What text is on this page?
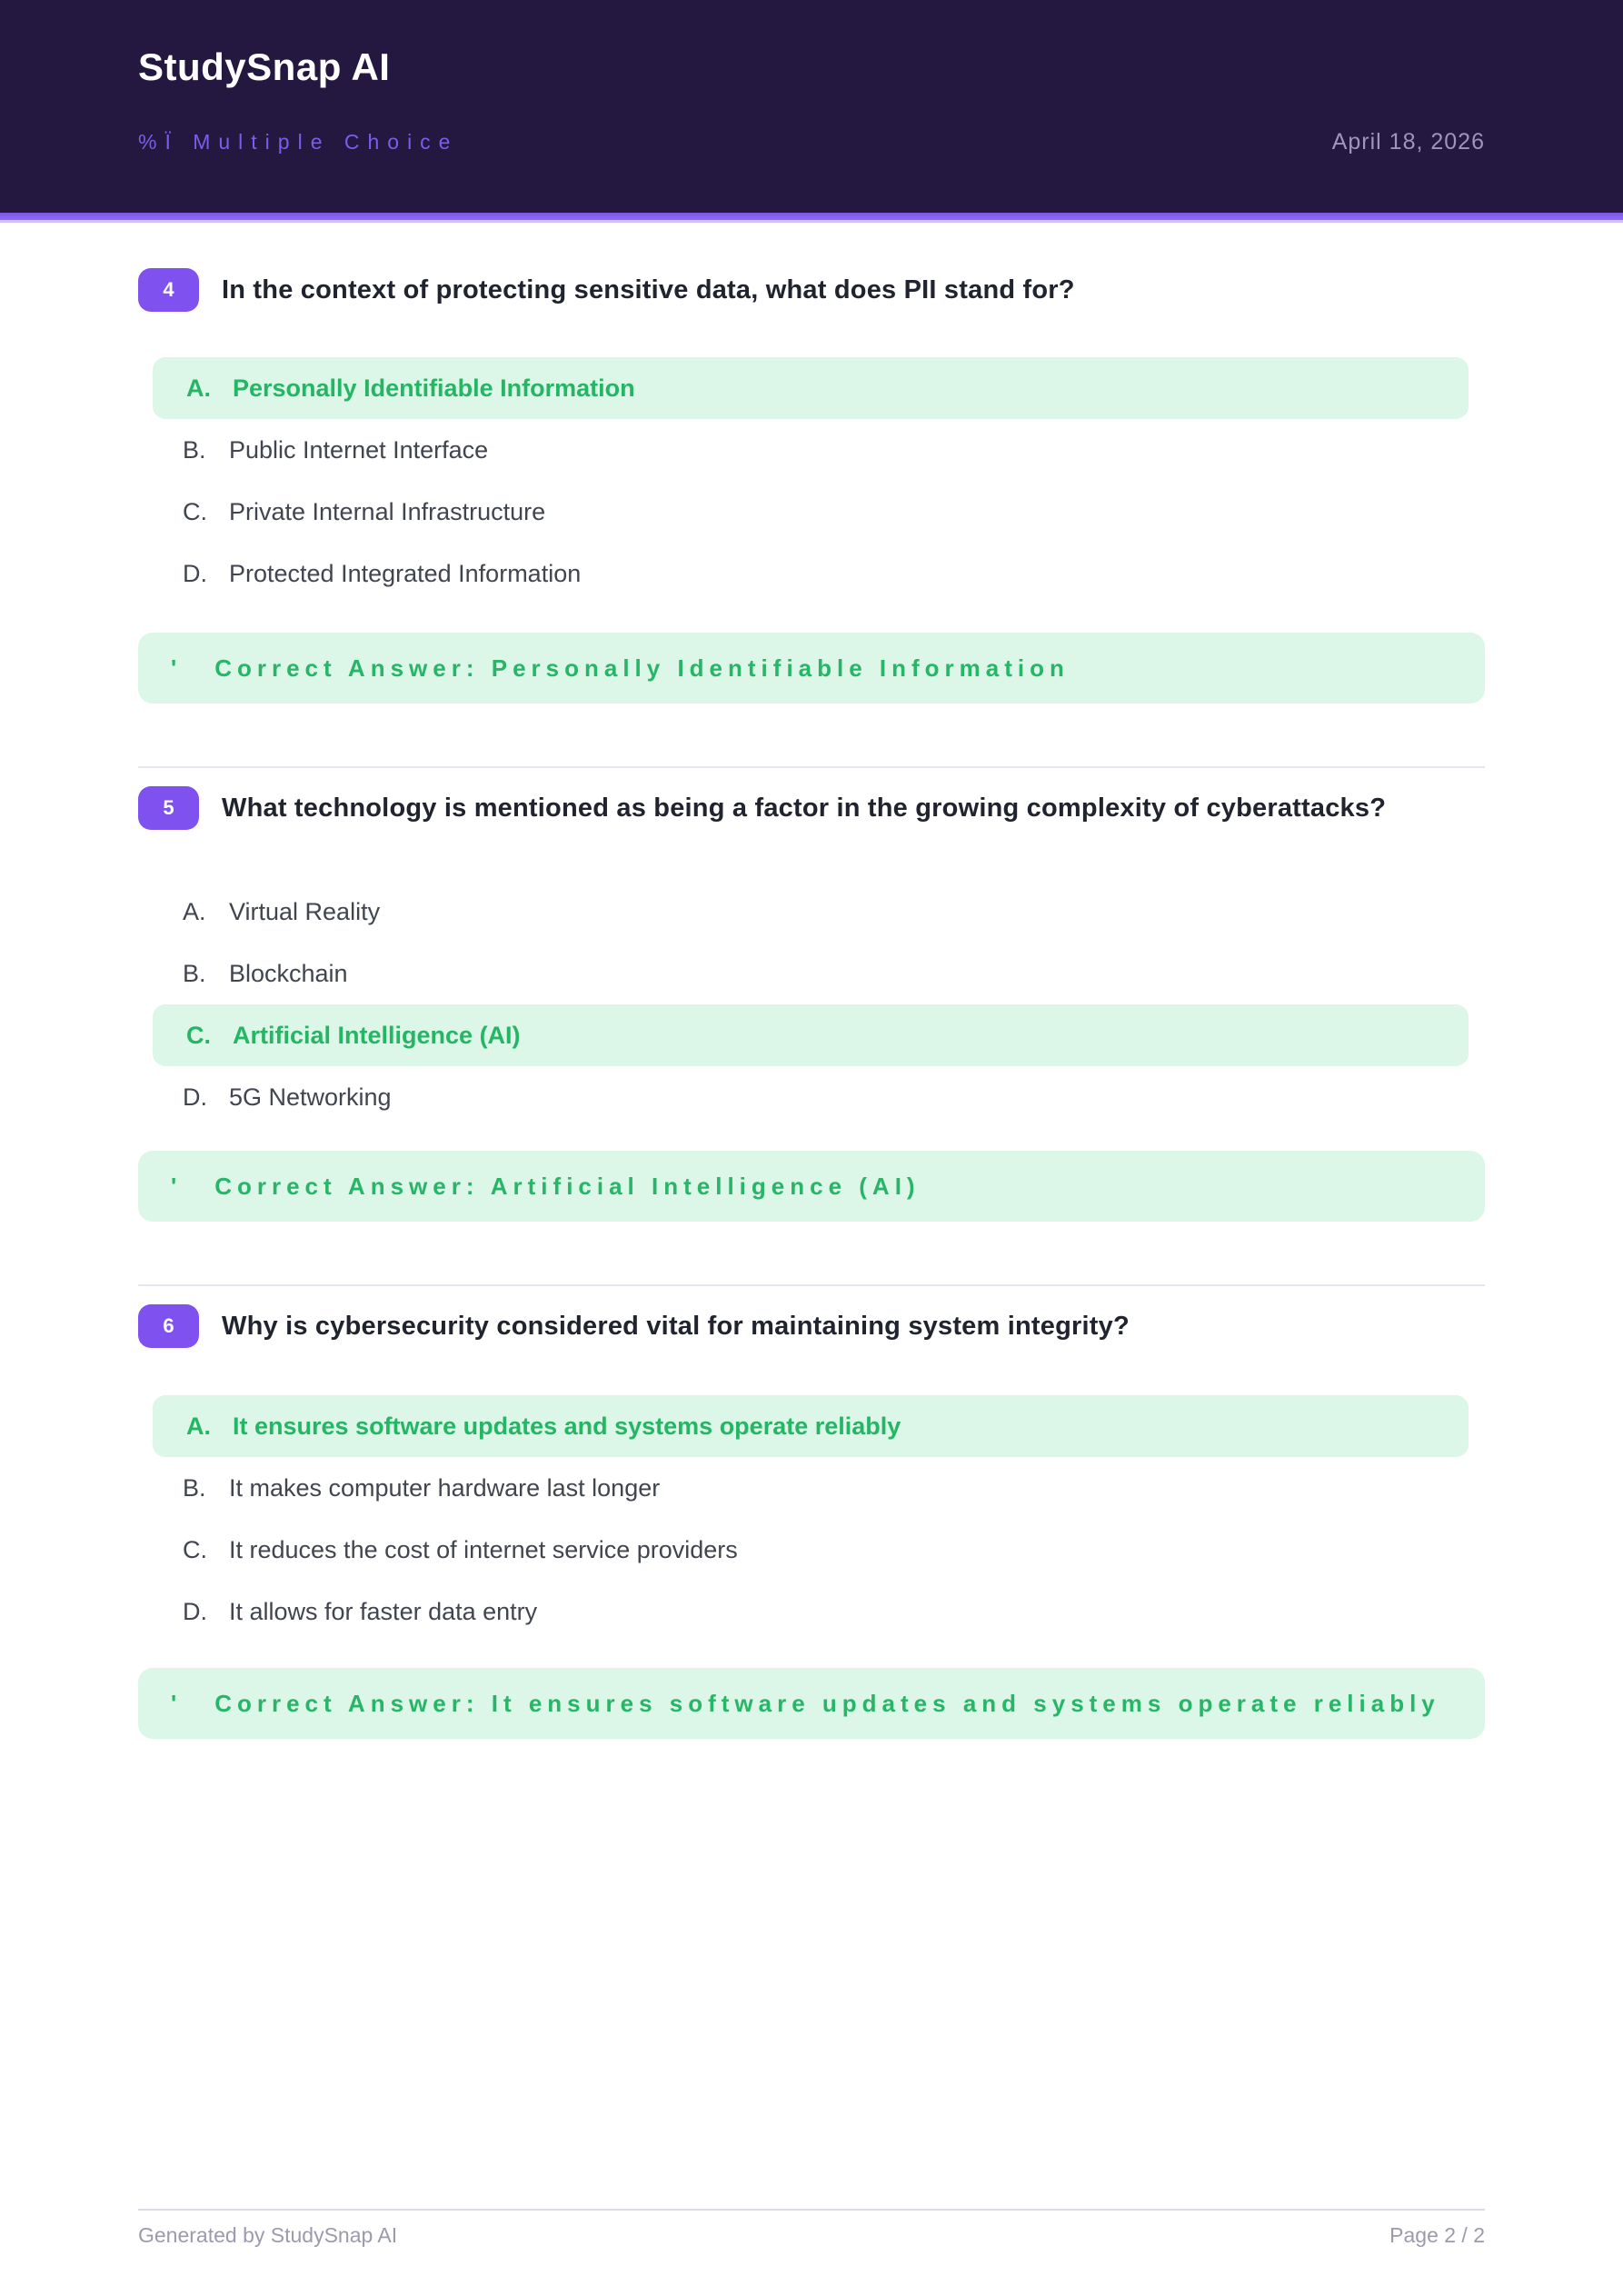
StudySnap AI
%Ï Multiple Choice	April 18, 2026
4	In the context of protecting sensitive data, what does PII stand for?
A. Personally Identifiable Information
B. Public Internet Interface
C. Private Internal Infrastructure
D. Protected Integrated Information
' Correct Answer: Personally Identifiable Information
5	What technology is mentioned as being a factor in the growing complexity of cyberattacks?
A. Virtual Reality
B. Blockchain
C. Artificial Intelligence (AI)
D. 5G Networking
' Correct Answer: Artificial Intelligence (AI)
6	Why is cybersecurity considered vital for maintaining system integrity?
A. It ensures software updates and systems operate reliably
B. It makes computer hardware last longer
C. It reduces the cost of internet service providers
D. It allows for faster data entry
' Correct Answer: It ensures software updates and systems operate reliably
Generated by StudySnap AI	Page 2 / 2
